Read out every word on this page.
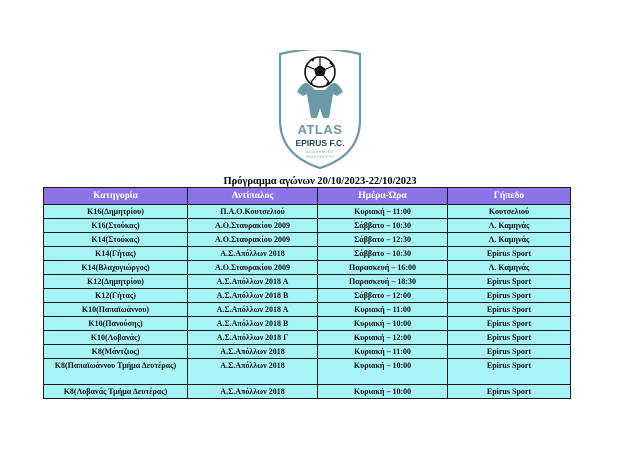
ATLAS
EPIRUS F.C.
ΑΚΑΔΗΜΙΕΣ
ΠΟΔΟΣΦΑΙΡΟΥ
Πρόγραμμα αγώνων 20/10/2023-22/10/2023
Κατηγορία	Αντίπαλος	Ημέρα-Ώρα	Γήπεδο
Κ16(Δημητρίου)	Π.Α.Ο.Κουτσελιού	Κυριακή – 11:00	Κουτσελιού
Κ16(Στούκας)	Α.Ο.Σταυρακίου 2009	Σάββατο – 10:30	Λ. Καμηνάς
Κ14(Στούκας)	Α.Ο.Σταυρακίου 2009	Σάββατο – 12:30	Λ. Καμηνάς
Κ14(Γήτας)	Α.Σ.Απόλλων 2018	Σάββατο – 10:30	Epirus Sport
Κ14(Βλαχογιώργος)	Α.Ο.Σταυρακίου 2009	Παρασκευή – 16:00	Λ. Καμηνάς
Κ12(Δημητρίου)	Α.Σ.Απόλλων 2018 Α	Παρασκευή – 18:30	Epirus Sport
Κ12(Γήτας)	Α.Σ.Απόλλων 2018 Β	Σάββατο – 12:00	Epirus Sport
Κ10(Παπαϊωάννου)	Α.Σ.Απόλλων 2018 Α	Κυριακή – 11:00	Epirus Sport
Κ10(Πανούσης)	Α.Σ.Απόλλων 2018 Β	Κυριακή – 10:00	Epirus Sport
Κ10(Λοβανάς)	Α.Σ.Απόλλων 2018 Γ	Κυριακή – 12:00	Epirus Sport
Κ8(Μάντζιος)	Α.Σ.Απόλλων 2018	Κυριακή – 11:00	Epirus Sport
Κ8(Παπαϊωάννου Τμήμα Δευτέρας)	Α.Σ.Απόλλων 2018	Κυριακή – 10:00	Epirus Sport
Κ8(Λοβανάς Τμήμα Δευτέρας)	Α.Σ.Απόλλων 2018	Κυριακή – 10:00	Epirus Sport
